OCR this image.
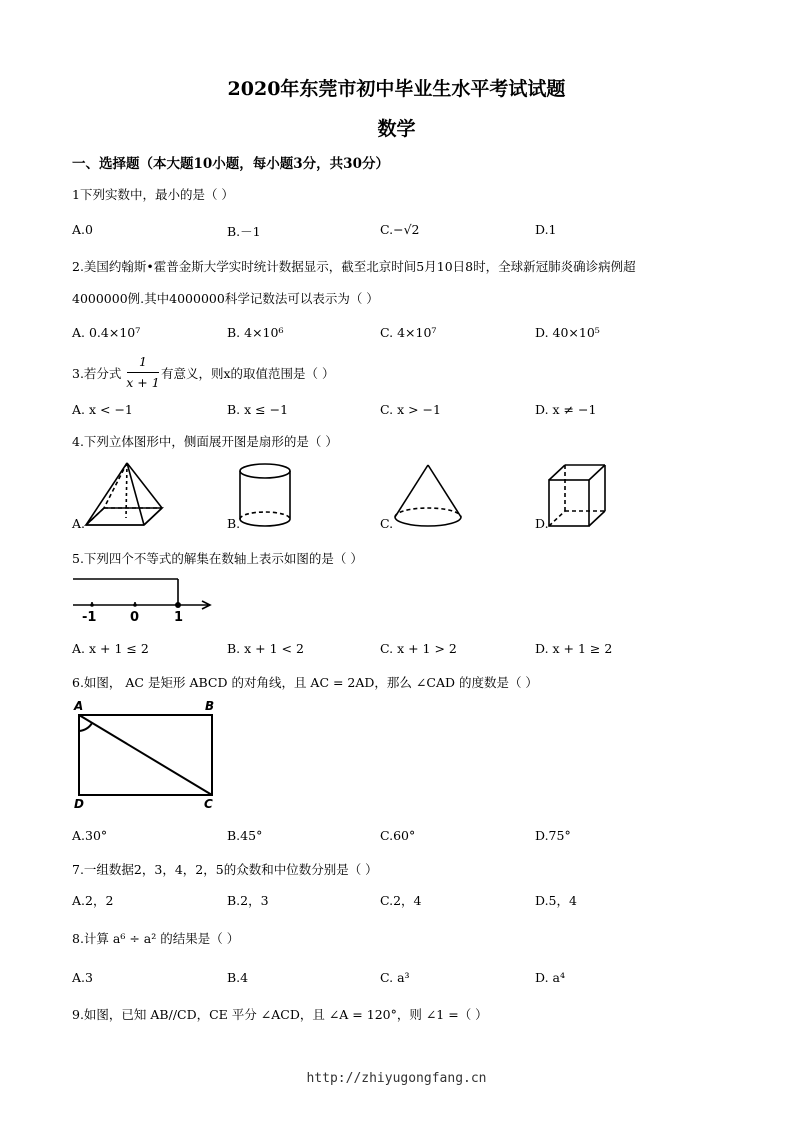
2020年东莞市初中毕业生水平考试试题
数学
一、选择题（本大题10小题，每小题3分，共30分）
1下列实数中，最小的是（ ）
A.0	B.－1	C.−√2	D.1
2.美国约翰斯•霍普金斯大学实时统计数据显示，截至北京时间5月10日8时，全球新冠肺炎确诊病例超
4000000例.其中4000000科学记数法可以表示为（ ）
A. 0.4×10⁷	B. 4×10⁶	C. 4×10⁷	D. 40×10⁵
3.若分式
1
x + 1
有意义，则x的取值范围是（ ）
A. x < −1	B. x ≤ −1	C. x > −1	D. x ≠ −1
4.下列立体图形中，侧面展开图是扇形的是（ ）
A.	B.	C.	D.
5.下列四个不等式的解集在数轴上表示如图的是（ ）
-1	0	1
A. x + 1 ≤ 2	B. x + 1 < 2	C. x + 1 > 2	D. x + 1 ≥ 2
6.如图， AC 是矩形 ABCD 的对角线，且 AC = 2AD，那么 ∠CAD 的度数是（ ）
A	B
C
D
A.30°	B.45°	C.60°	D.75°
7.一组数据2，3，4，2，5的众数和中位数分别是（ ）
A.2，2	B.2，3	C.2，4	D.5，4
8.计算 a⁶ ÷ a² 的结果是（ ）
A.3	B.4	C. a³	D. a⁴
9.如图，已知 AB//CD，CE 平分 ∠ACD，且 ∠A = 120°，则 ∠1 =（ ）
http://zhiyugongfang.cn
